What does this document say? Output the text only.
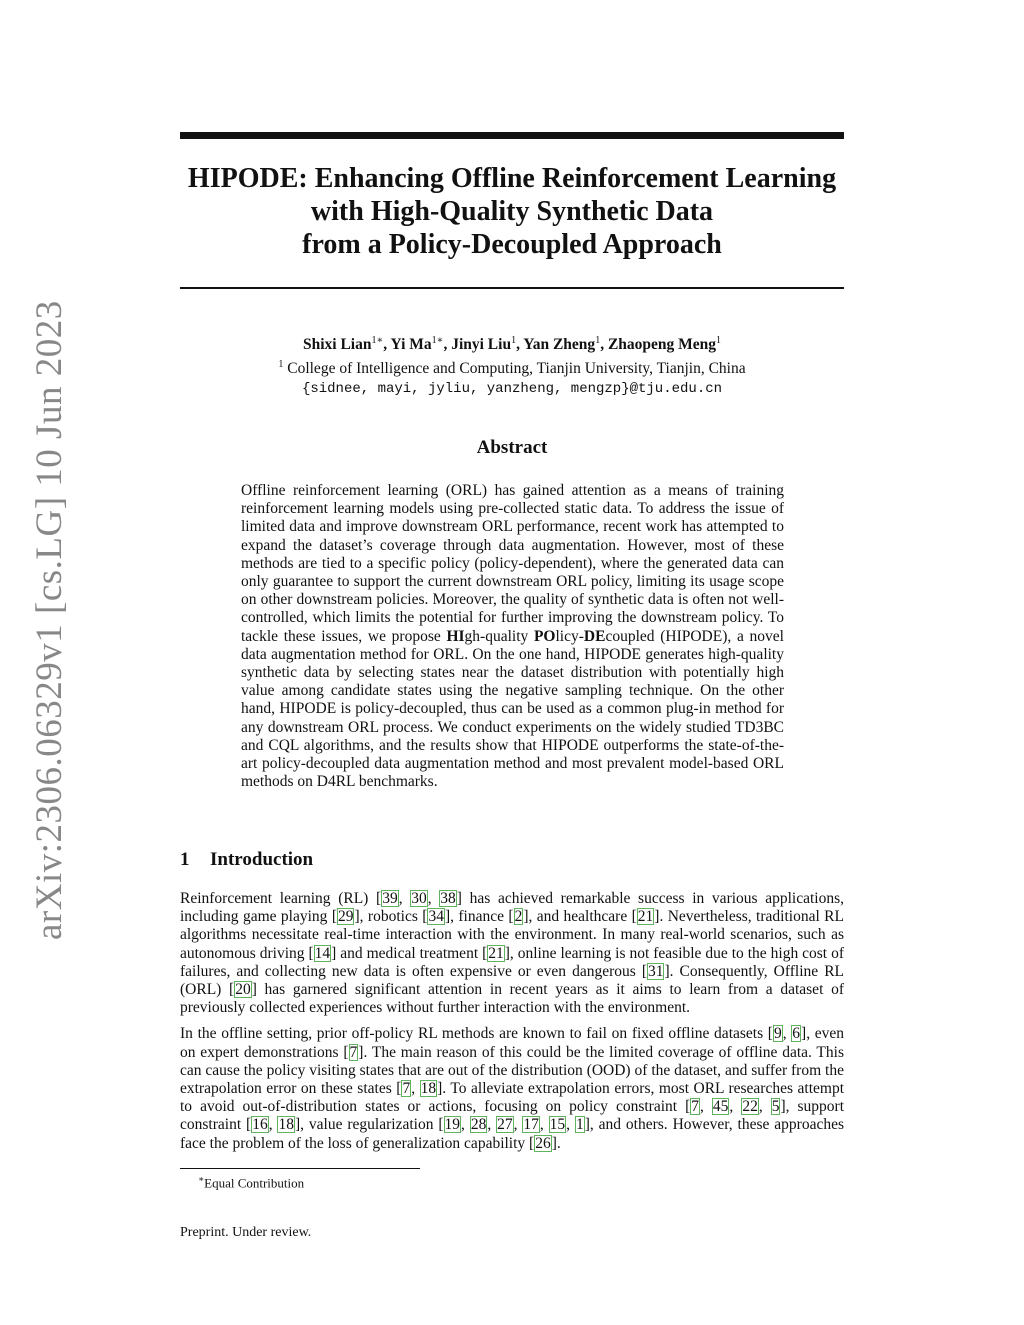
arXiv:2306.06329v1 [cs.LG] 10 Jun 2023
HIPODE: Enhancing Offline Reinforcement Learning
with High-Quality Synthetic Data
from a Policy-Decoupled Approach
Shixi Lian$^{1∗}$, Yi $Ma^{1∗}$, Jinyi Liu$^1$, Yan Zheng$^1$, Zhaopeng Meng$^1$
$^1$ College of Intelligence and Computing, Tianjin University, Tianjin, China
{sidnee, mayi, jyliu, yanzheng, mengzp}@tju.edu.cn
Abstract
Offline reinforcement learning (ORL) has gained attention as a means of training reinforcement learning models using pre-collected static data. To address the issue of limited data and improve downstream ORL performance, recent work has attempted to expand the dataset’s coverage through data augmentation. However, most of these methods are tied to a specific policy (policy-dependent), where the generated data can only guarantee to support the current downstream ORL policy, limiting its usage scope on other downstream policies. Moreover, the quality of synthetic data is often not well-controlled, which limits the potential for further improving the downstream policy. To tackle these issues, we propose HIgh-quality POlicy-DEcoupled (HIPODE), a novel data augmentation method for ORL. On the one hand, HIPODE generates high-quality synthetic data by selecting states near the dataset distribution with potentially high value among candidate states using the negative sampling technique. On the other hand, HIPODE is policy-decoupled, thus can be used as a common plug-in method for any downstream ORL process. We conduct experiments on the widely studied TD3BC and CQL algorithms, and the results show that HIPODE outperforms the state-of-the-art policy-decoupled data augmentation method and most prevalent model-based ORL methods on D4RL benchmarks.
1 Introduction

Reinforcement learning (RL) [39, 30, 38] has achieved remarkable success in various applications, including game playing [29], robotics [34], finance [2], and healthcare [21]. Nevertheless, traditional RL algorithms necessitate real-time interaction with the environment. In many real-world scenarios, such as autonomous driving [14] and medical treatment [21], online learning is not feasible due to the high cost of failures, and collecting new data is often expensive or even dangerous [31]. Consequently, Offline RL (ORL) [20] has garnered significant attention in recent years as it aims to learn from a dataset of previously collected experiences without further interaction with the environment.

In the offline setting, prior off-policy RL methods are known to fail on fixed offline datasets [9, 6], even on expert demonstrations [7]. The main reason of this could be the limited coverage of offline data. This can cause the policy visiting states that are out of the distribution (OOD) of the dataset, and suffer from the extrapolation error on these states [7, 18]. To alleviate extrapolation errors, most ORL researches attempt to avoid out-of-distribution states or actions, focusing on policy constraint [7, 45, 22, 5], support constraint [16, 18], value regularization [19, 28, 27, 17, 15, 1], and others. However, these approaches face the problem of the loss of generalization capability [26].

∗Equal Contribution
Preprint. Under review.
